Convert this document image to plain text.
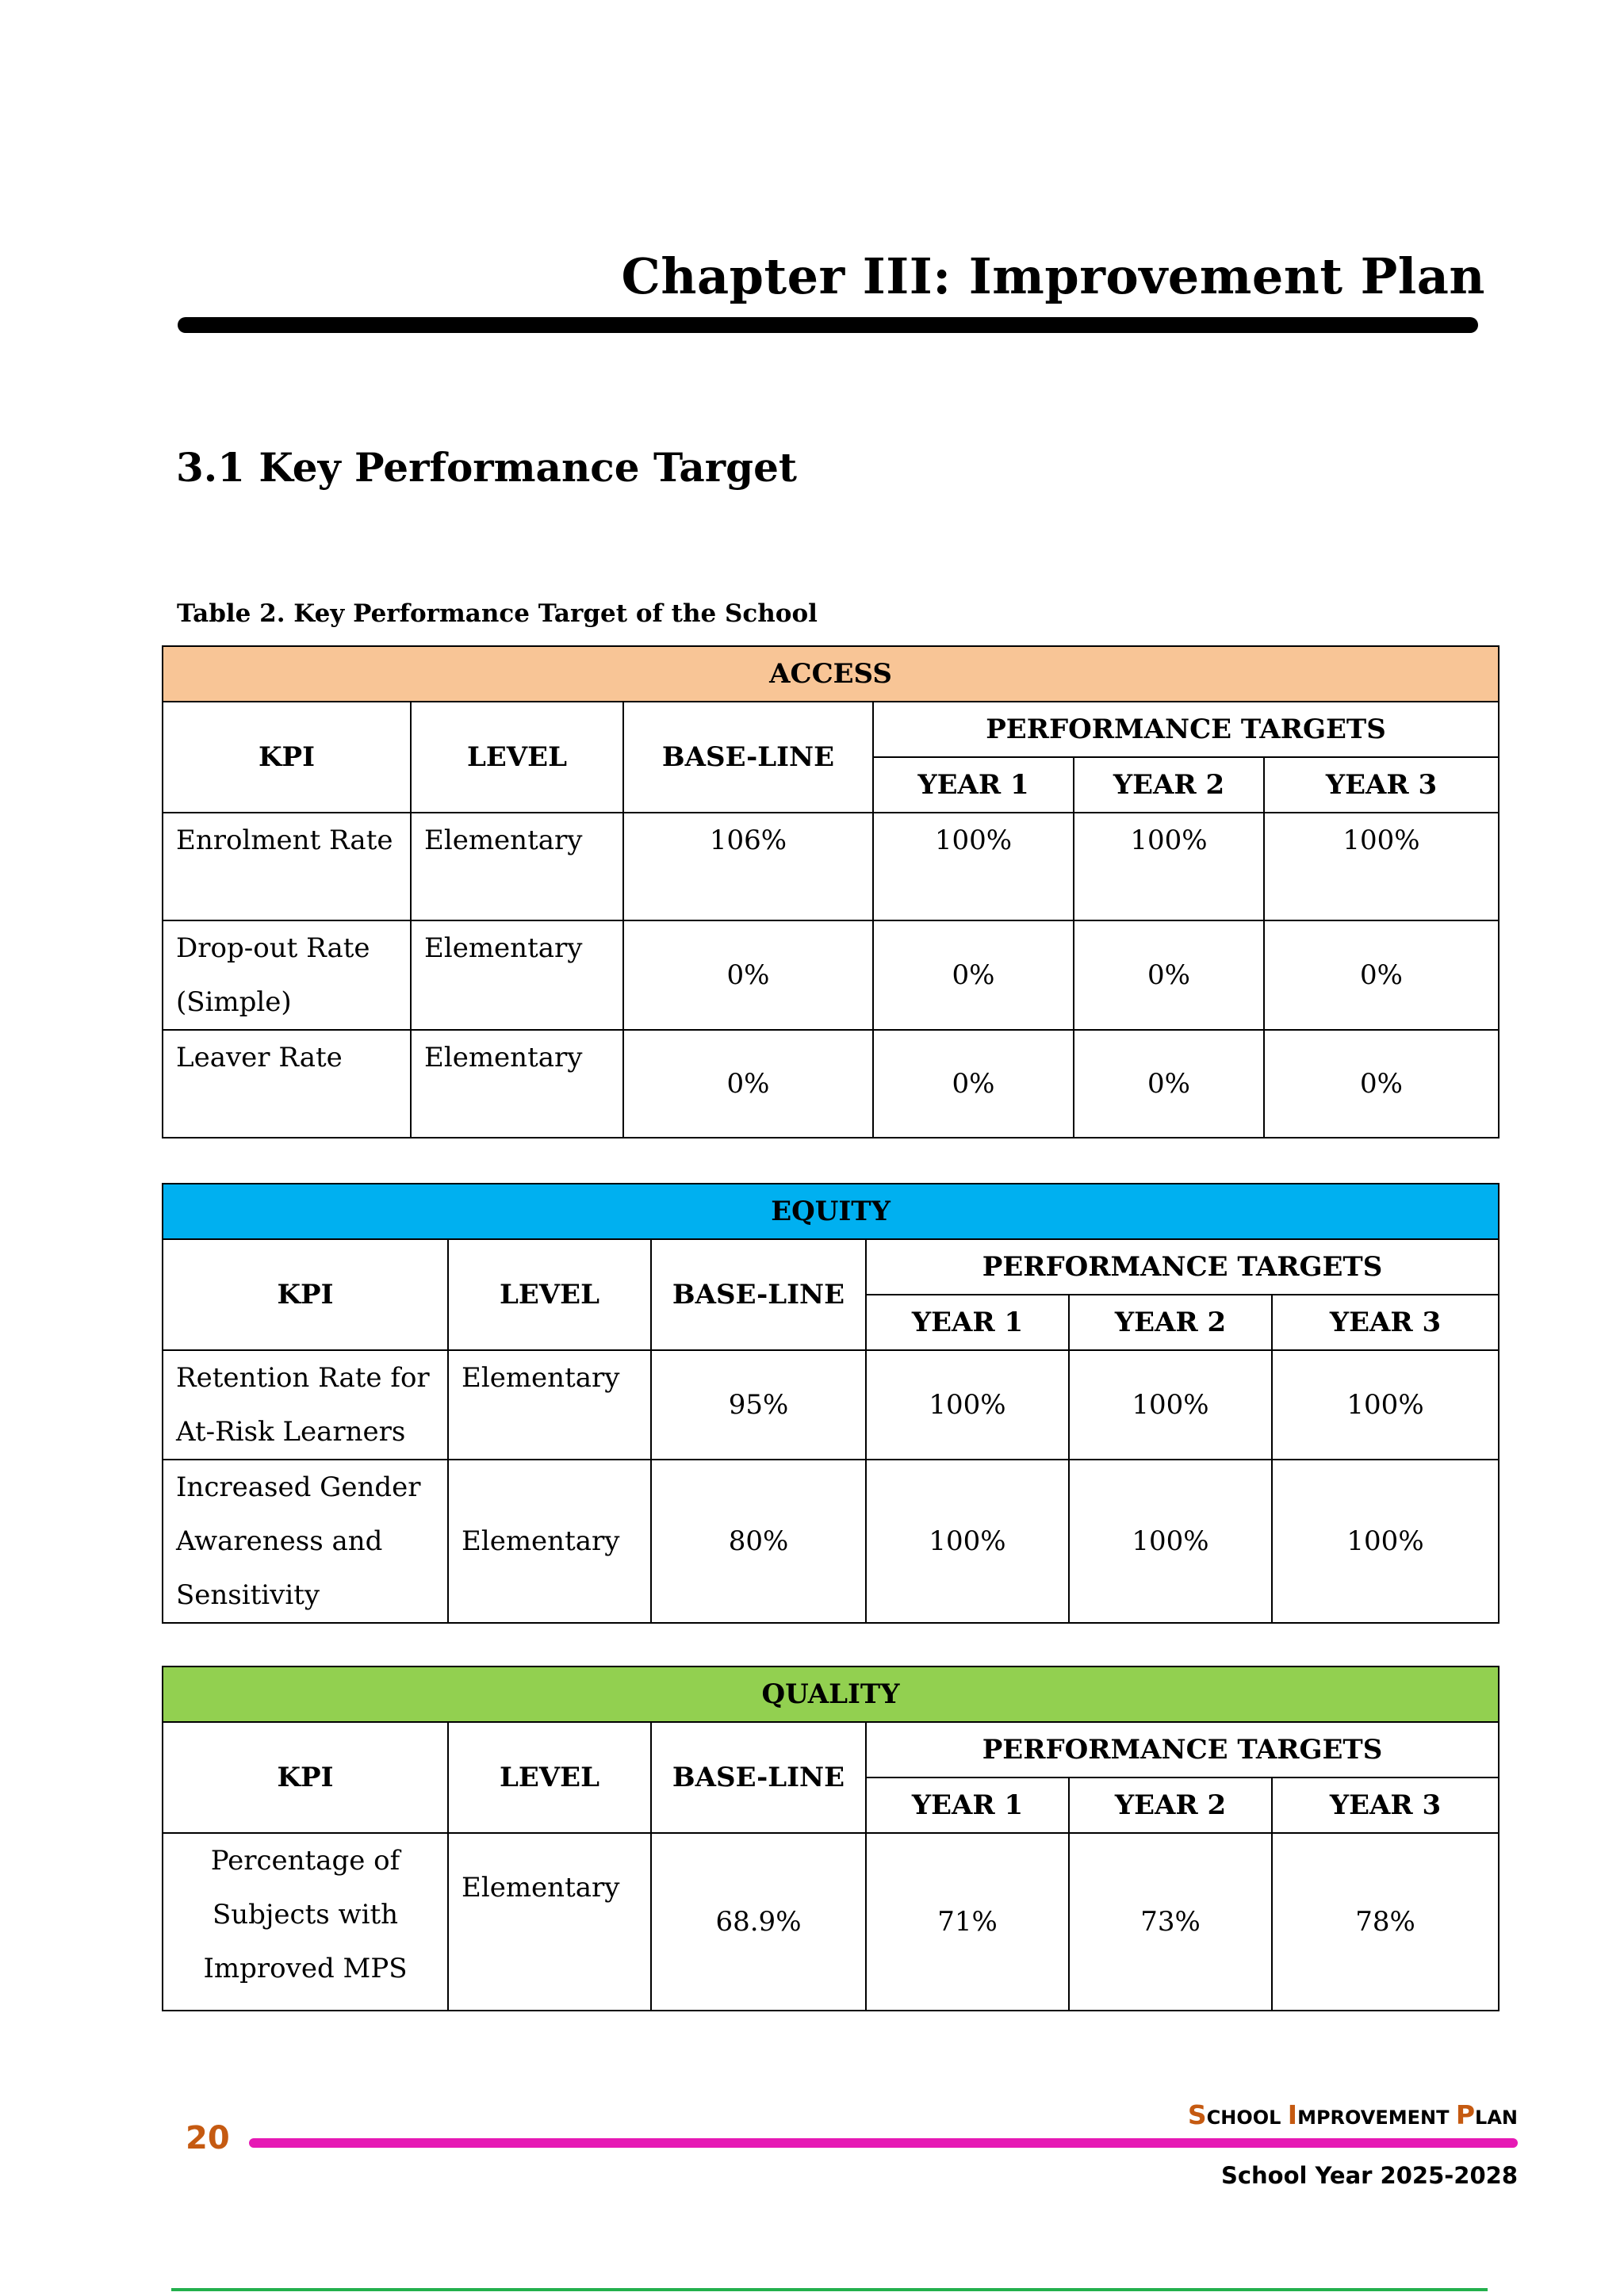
Chapter III: Improvement Plan
3.1 Key Performance Target
Table 2. Key Performance Target of the School
ACCESS					
KPI	LEVEL	BASE-LINE	PERFORMANCE TARGETS		
			YEAR 1	YEAR 2	YEAR 3
Enrolment Rate	Elementary	106%	100%	100%	100%

Drop-out Rate
(Simple)	Elementary	0%	0%	0%	0%
Leaver Rate	Elementary	0%	0%	0%	0%
EQUITY					
KPI	LEVEL	BASE-LINE	PERFORMANCE TARGETS		
			YEAR 1	YEAR 2	YEAR 3

Retention Rate for
At-Risk Learners	Elementary	95%	100%	100%	100%

Increased Gender
Awareness and
Sensitivity	Elementary	80%	100%	100%	100%
QUALITY					
KPI	LEVEL	BASE-LINE	PERFORMANCE TARGETS		
			YEAR 1	YEAR 2	YEAR 3

Percentage of
Subjects with
Improved MPS	Elementary	68.9%	71%	73%	78%
SCHOOL IMPROVEMENT PLAN
20
School Year 2025-2028
